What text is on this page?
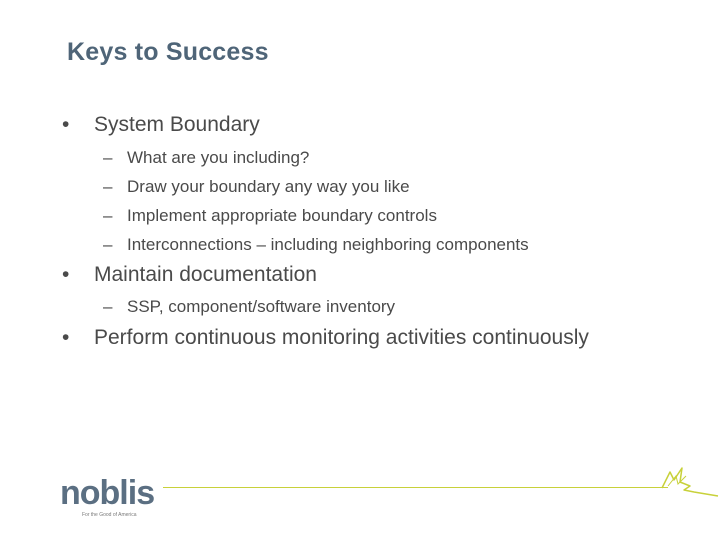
Keys to Success
• System Boundary
– What are you including?
– Draw your boundary any way you like
– Implement appropriate boundary controls
– Interconnections – including neighboring components
• Maintain documentation
– SSP, component/software inventory
• Perform continuous monitoring activities continuously
noblis
For the Good of America
